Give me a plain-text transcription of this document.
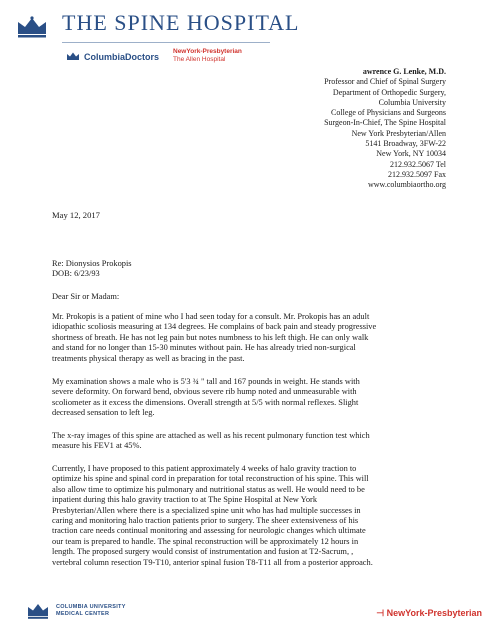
THE SPINE HOSPITAL
ColumbiaDoctors
NewYork-Presbyterian
The Allen Hospital
awrence G. Lenke, M.D.
Professor and Chief of Spinal Surgery
Department of Orthopedic Surgery,
Columbia University
College of Physicians and Surgeons
Surgeon-In-Chief, The Spine Hospital
New York Presbyterian/Allen
5141 Broadway, 3FW-22
New York, NY 10034
212.932.5067 Tel
212.932.5097 Fax
www.columbiaortho.org
May 12, 2017
Re: Dionysios Prokopis
DOB: 6/23/93
Dear Sir or Madam:
Mr. Prokopis is a patient of mine who I had seen today for a consult. Mr. Prokopis has an adult
idiopathic scoliosis measuring at 134 degrees. He complains of back pain and steady progressive
shortness of breath. He has not leg pain but notes numbness to his left thigh. He can only walk
and stand for no longer than 15-30 minutes without pain. He has already tried non-surgical
treatments physical therapy as well as bracing in the past.
My examination shows a male who is 5'3 ¾ " tall and 167 pounds in weight. He stands with
severe deformity. On forward bend, obvious severe rib hump noted and unmeasurable with
scoliometer as it excess the dimensions. Overall strength at 5/5 with normal reflexes. Slight
decreased sensation to left leg.
The x-ray images of this spine are attached as well as his recent pulmonary function test which
measure his FEV1 at 45%.
Currently, I have proposed to this patient approximately 4 weeks of halo gravity traction to
optimize his spine and spinal cord in preparation for total reconstruction of his spine. This will
also allow time to optimize his pulmonary and nutritional status as well. He would need to be
inpatient during this halo gravity traction to at The Spine Hospital at New York
Presbyterian/Allen where there is a specialized spine unit who has had multiple successes in
caring and monitoring halo traction patients prior to surgery. The sheer extensiveness of his
traction care needs continual monitoring and assessing for neurologic changes which ultimate
our team is prepared to handle. The spinal reconstruction will be approximately 12 hours in
length. The proposed surgery would consist of instrumentation and fusion at T2-Sacrum, ,
vertebral column resection T9-T10, anterior spinal fusion T8-T11 all from a posterior approach.
COLUMBIA UNIVERSITY
MEDICAL CENTER	⊣ NewYork-Presbyterian
